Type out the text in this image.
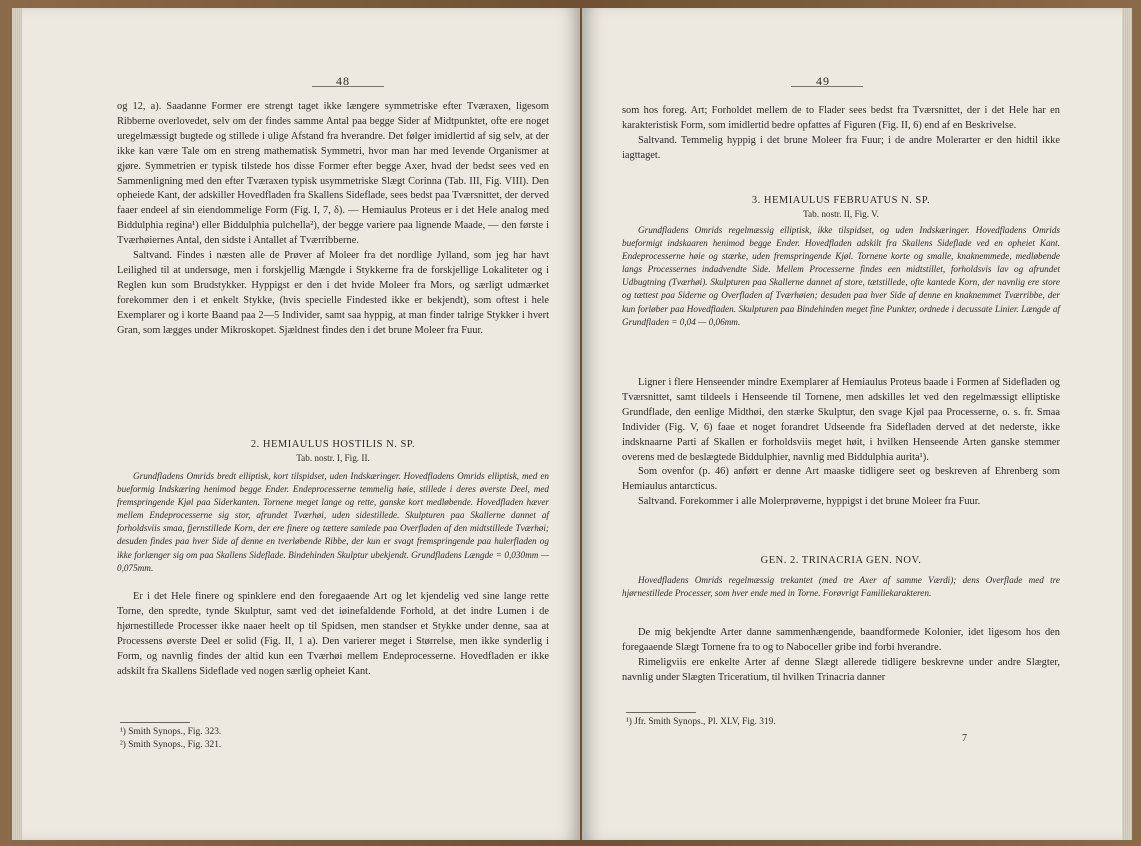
48

og 12, a). Saadanne Former ere strengt taget ikke længere symmetriske efter Tværaxen, ligesom Ribberne overlovedet, selv om der findes samme Antal paa begge Sider af Midtpunktet, ofte ere noget uregelmæssigt bugtede og stillede i ulige Afstand fra hverandre. Det følger imidlertid af sig selv, at der ikke kan være Tale om en streng mathematisk Symmetri, hvor man har med levende Organismer at gjøre. Symmetrien er typisk tilstede hos disse Former efter begge Axer, hvad der bedst sees ved en Sammenligning med den efter Tværaxen typisk usymmetriske Slægt Corinna (Tab. III, Fig. VIII). Den opheiede Kant, der adskiller Hovedfladen fra Skallens Sideflade, sees bedst paa Tværsnittet, der derved faaer endeel af sin eiendommelige Form (Fig. I, 7, δ). — Hemiaulus Proteus er i det Hele analog med Biddulphia regina¹) eller Biddulphia pulchella²), der begge variere paa lignende Maade, — den første i Tværhøiernes Antal, den sidste i Antallet af Tværribberne.

Saltvand. Findes i næsten alle de Prøver af Moleer fra det nordlige Jylland, som jeg har havt Leilighed til at undersøge, men i forskjellig Mængde i Stykkerne fra de forskjellige Lokaliteter og i Reglen kun som Brudstykker. Hyppigst er den i det hvide Moleer fra Mors, og særligt udmærket forekommer den i et enkelt Stykke, (hvis specielle Findested ikke er bekjendt), som oftest i hele Exemplarer og i korte Baand paa 2—5 Individer, samt saa hyppig, at man finder talrige Stykker i hvert Gran, som lægges under Mikroskopet. Sjældnest findes den i det brune Moleer fra Fuur.

2. HEMIAULUS HOSTILIS N. SP.
Tab. nostr. I, Fig. II.

Grundfladens Omrids bredt elliptisk, kort tilspidset, uden Indskæringer. Hovedfladens Omrids elliptisk, med en bueformig Indskæring henimod begge Ender. Endeprocesserne temmelig høie, stillede i deres øverste Deel, med fremspringende Kjøl paa Siderkanten. Tornene meget lange og rette, ganske kort medløbende. Hovedfladen hæver mellem Endeprocesserne sig stor, afrundet Tværhøi, uden sidestillede. Skulpturen paa Skallerne dannet af forholdsviis smaa, fjernstillede Korn, der ere finere og tættere samlede paa Overfladen af den midtstillede Tværhøi; desuden findes paa hver Side af denne en tverløbende Ribbe, der kun er svagt fremspringende paa hulerfladen og ikke forlænger sig om paa Skallens Sideflade. Bindehinden Skulptur ubekjendt. Grundfladens Længde = 0,030mm — 0,075mm.

Er i det Hele finere og spinklere end den foregaaende Art og let kjendelig ved sine lange rette Torne, den spredte, tynde Skulptur, samt ved det iøinefaldende Forhold, at det indre Lumen i de hjørnestillede Processer ikke naaer heelt op til Spidsen, men standser et Stykke under denne, saa at Processens øverste Deel er solid (Fig. II, 1 a). Den varierer meget i Størrelse, men ikke synderlig i Form, og navnlig findes der altid kun een Tværhøi mellem Endeprocesserne. Hovedfladen er ikke adskilt fra Skallens Sideflade ved nogen særlig opheiet Kant.

¹) Smith Synops., Fig. 323.
²) Smith Synops., Fig. 321.
49

som hos foreg. Art; Forholdet mellem de to Flader sees bedst fra Tværsnittet, der i det Hele har en karakteristisk Form, som imidlertid bedre opfattes af Figuren (Fig. II, 6) end af en Beskrivelse.

Saltvand. Temmelig hyppig i det brune Moleer fra Fuur; i de andre Molerarter er den hidtil ikke iagttaget.

3. HEMIAULUS FEBRUATUS N. SP.
Tab. nostr. II, Fig. V.

Grundfladens Omrids regelmæssig elliptisk, ikke tilspidset, og uden Indskæringer. Hovedfladens Omrids bueformigt indskaaren henimod begge Ender. Hovedfladen adskilt fra Skallens Sideflade ved en opheiet Kant. Endeprocesserne høie og stærke, uden fremspringende Kjøl. Tornene korte og smalle, knaknemmede, medløbende langs Processernes indadvendte Side. Mellem Processerne findes een midtstillet, forholdsvis lav og afrundet Udbugtning (Tværhøi). Skulpturen paa Skallerne dannet af store, tætstillede, ofte kantede Korn, der navnlig ere store og tættest paa Siderne og Overfladen af Tværhøien; desuden paa hver Side af denne en knaknemmet Tværribbe, der kun forløber paa Hovedfladen. Skulpturen paa Bindehinden meget fine Punkter, ordnede i decussate Linier. Længde af Grundfladen = 0,04 — 0,06mm.

Ligner i flere Henseender mindre Exemplarer af Hemiaulus Proteus baade i Formen af Sidefladen og Tværsnittet, samt tildeels i Henseende til Tornene, men adskilles let ved den regelmæssigt elliptiske Grundflade, den eenlige Midthøi, den stærke Skulptur, den svage Kjøl paa Processerne, o. s. fr. Smaa Individer (Fig. V, 6) faae et noget forandret Udseende fra Sidefladen derved at det nederste, ikke indsknaarne Parti af Skallen er forholdsviis meget høit, i hvilken Henseende Arten ganske stemmer overens med de beslægtede Biddulphier, navnlig med Biddulphia aurita¹).

Som ovenfor (p. 46) anført er denne Art maaske tidligere seet og beskreven af Ehrenberg som Hemiaulus antarcticus.

Saltvand. Forekommer i alle Molerprøverne, hyppigst i det brune Moleer fra Fuur.

GEN. 2. TRINACRIA GEN. NOV.

Hovedfladens Omrids regelmæssig trekantet (med tre Axer af samme Værdi); dens Overflade med tre hjørnestillede Processer, som hver ende med in Torne. Forøvrigt Familiekarakteren.

De mig bekjendte Arter danne sammenhængende, baandformede Kolonier, idet ligesom hos den foregaaende Slægt Tornene fra to og to Naboceller gribe ind forbi hverandre.

Rimeligviis ere enkelte Arter af denne Slægt allerede tidligere beskrevne under andre Slægter, navnlig under Slægten Triceratium, til hvilken Trinacria danner

¹) Jfr. Smith Synops., Pl. XLV, Fig. 319.
7
